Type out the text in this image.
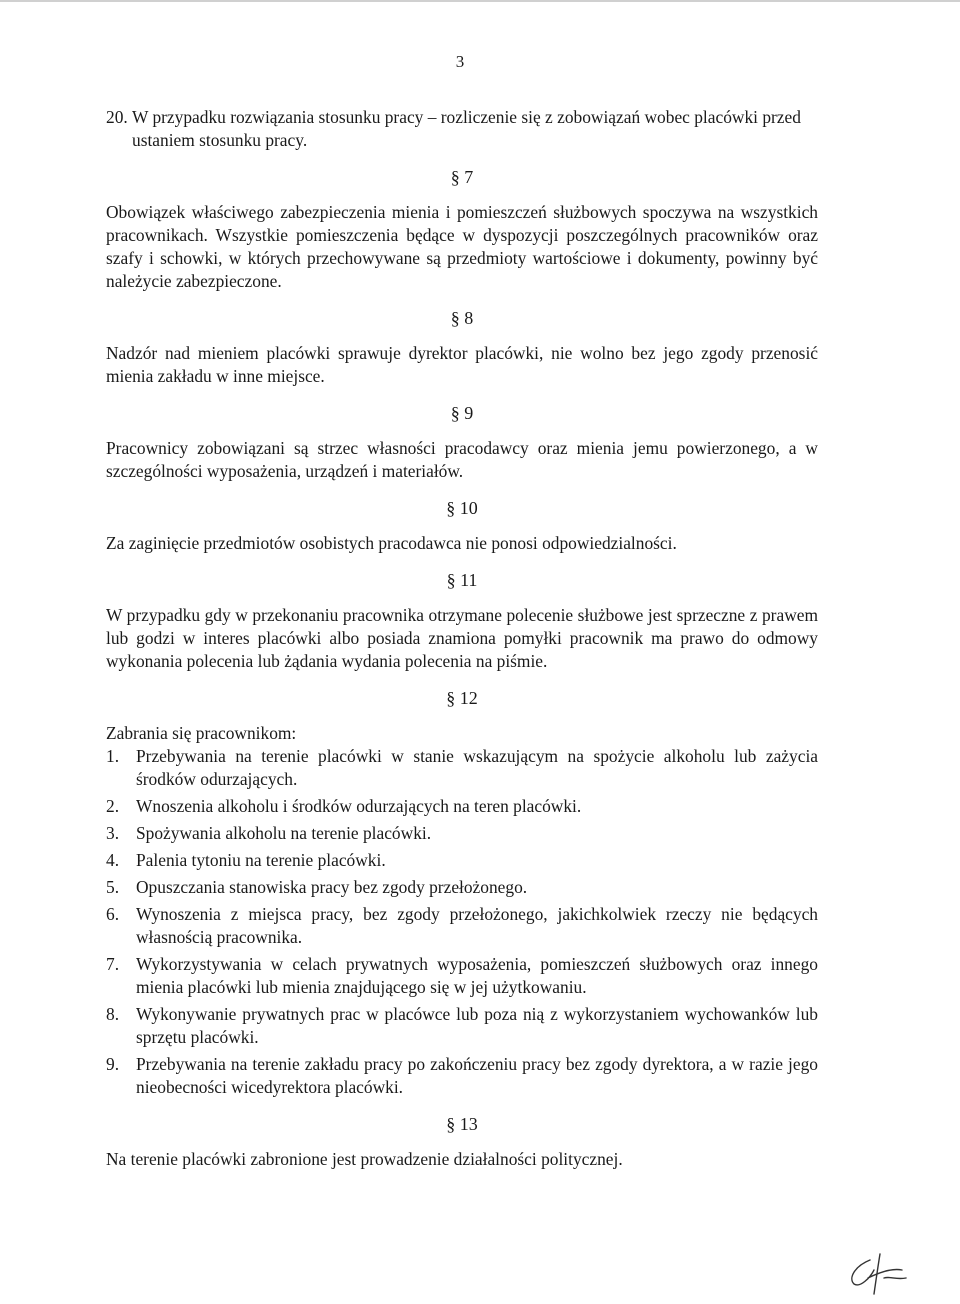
3
20. W przypadku rozwiązania stosunku pracy – rozliczenie się z zobowiązań wobec placówki przed ustaniem stosunku pracy.
§ 7

Obowiązek właściwego zabezpieczenia mienia i pomieszczeń służbowych spoczywa na wszystkich pracownikach. Wszystkie pomieszczenia będące w dyspozycji poszczególnych pracowników oraz szafy i schowki, w których przechowywane są przedmioty wartościowe i dokumenty, powinny być należycie zabezpieczone.

§ 8

Nadzór nad mieniem placówki sprawuje dyrektor placówki, nie wolno bez jego zgody przenosić mienia zakładu w inne miejsce.

§ 9

Pracownicy zobowiązani są strzec własności pracodawcy oraz mienia jemu powierzonego, a w szczególności wyposażenia, urządzeń i materiałów.

§ 10

Za zaginięcie przedmiotów osobistych pracodawca nie ponosi odpowiedzialności.

§ 11

W przypadku gdy w przekonaniu pracownika otrzymane polecenie służbowe jest sprzeczne z prawem lub godzi w interes placówki albo posiada znamiona pomyłki pracownik ma prawo do odmowy wykonania polecenia lub żądania wydania polecenia na piśmie.

§ 12

Zabrania się pracownikom:

1. Przebywania na terenie placówki w stanie wskazującym na spożycie alkoholu lub zażycia środków odurzających.
2. Wnoszenia alkoholu i środków odurzających na teren placówki.
3. Spożywania alkoholu na terenie placówki.
4. Palenia tytoniu na terenie placówki.
5. Opuszczania stanowiska pracy bez zgody przełożonego.
6. Wynoszenia z miejsca pracy, bez zgody przełożonego, jakichkolwiek rzeczy nie będących własnością pracownika.
7. Wykorzystywania w celach prywatnych wyposażenia, pomieszczeń służbowych oraz innego mienia placówki lub mienia znajdującego się w jej użytkowaniu.
8. Wykonywanie prywatnych prac w placówce lub poza nią z wykorzystaniem wychowanków lub sprzętu placówki.
9. Przebywania na terenie zakładu pracy po zakończeniu pracy bez zgody dyrektora, a w razie jego nieobecności wicedyrektora placówki.
§ 13

Na terenie placówki zabronione jest prowadzenie działalności politycznej.
